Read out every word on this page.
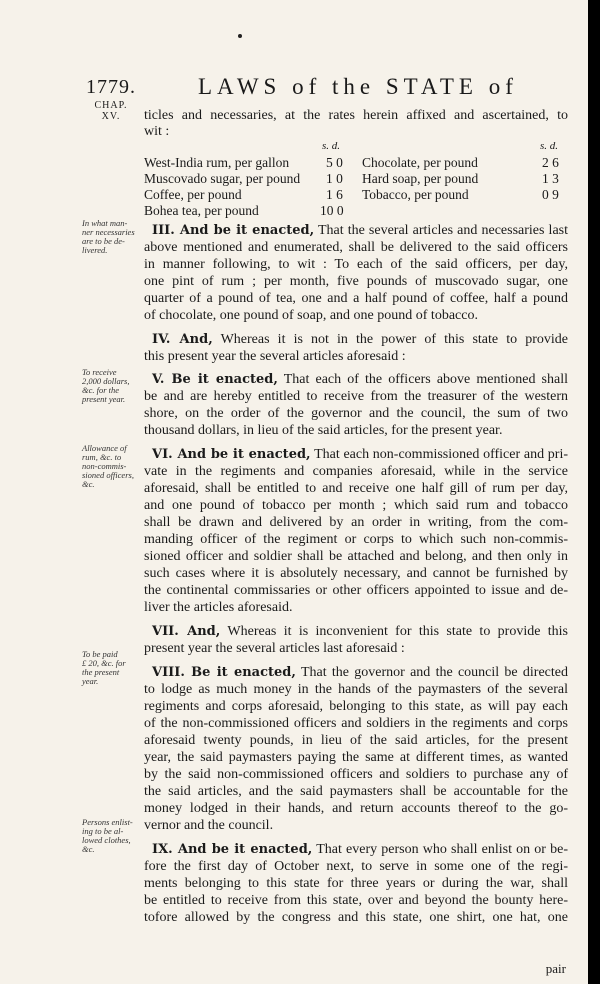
1779.	LAWS of the STATE of
CHAP.
XV.	ticles and necessaries, at the rates herein affixed and ascertained, to
wit :
s. d.	s. d.
West-India rum, per gallon	5 0 Chocolate, per pound	2 6
Muscovado sugar, per pound 1 0 Hard soap, per pound	1 3
Coffee, per pound	1 6 Tobacco, per pound	0 9
Bohea tea, per pound	10 0
In what man-
ner necessaries
are to be de-
livered.
To receive
2,000 dollars,
&c. for the
present year.
Allowance of
rum, &c. to
non-commis-
sioned officers,
&c.
To be paid
£ 20, &c. for
the present
year.
Persons enlist-
ing to be al-
lowed clothes,
&c.
III. And be it enacted, That the several articles and necessaries last
above mentioned and enumerated, shall be delivered to the said officers
in manner following, to wit : To each of the said officers, per day,
one pint of rum ; per month, five pounds of muscovado sugar, one
quarter of a pound of tea, one and a half pound of coffee, half a pound
of chocolate, one pound of soap, and one pound of tobacco.
IV. And, Whereas it is not in the power of this state to provide
this present year the several articles aforesaid :
V. Be it enacted, That each of the officers above mentioned shall
be and are hereby entitled to receive from the treasurer of the western
shore, on the order of the governor and the council, the sum of two
thousand dollars, in lieu of the said articles, for the present year.
VI. And be it enacted, That each non-commissioned officer and pri-
vate in the regiments and companies aforesaid, while in the service
aforesaid, shall be entitled to and receive one half gill of rum per day,
and one pound of tobacco per month ; which said rum and tobacco
shall be drawn and delivered by an order in writing, from the com-
manding officer of the regiment or corps to which such non-commis-
sioned officer and soldier shall be attached and belong, and then only in
such cases where it is absolutely necessary, and cannot be furnished by
the continental commissaries or other officers appointed to issue and de-
liver the articles aforesaid.
VII. And, Whereas it is inconvenient for this state to provide this
present year the several articles last aforesaid :
VIII. Be it enacted, That the governor and the council be directed
to lodge as much money in the hands of the paymasters of the several
regiments and corps aforesaid, belonging to this state, as will pay each
of the non-commissioned officers and soldiers in the regiments and corps
aforesaid twenty pounds, in lieu of the said articles, for the present
year, the said paymasters paying the same at different times, as wanted
by the said non-commissioned officers and soldiers to purchase any of
the said articles, and the said paymasters shall be accountable for the
money lodged in their hands, and return accounts thereof to the go-
vernor and the council.
IX. And be it enacted, That every person who shall enlist on or be-
fore the first day of October next, to serve in some one of the regi-
ments belonging to this state for three years or during the war, shall
be entitled to receive from this state, over and beyond the bounty here-
tofore allowed by the congress and this state, one shirt, one hat, one
pair
